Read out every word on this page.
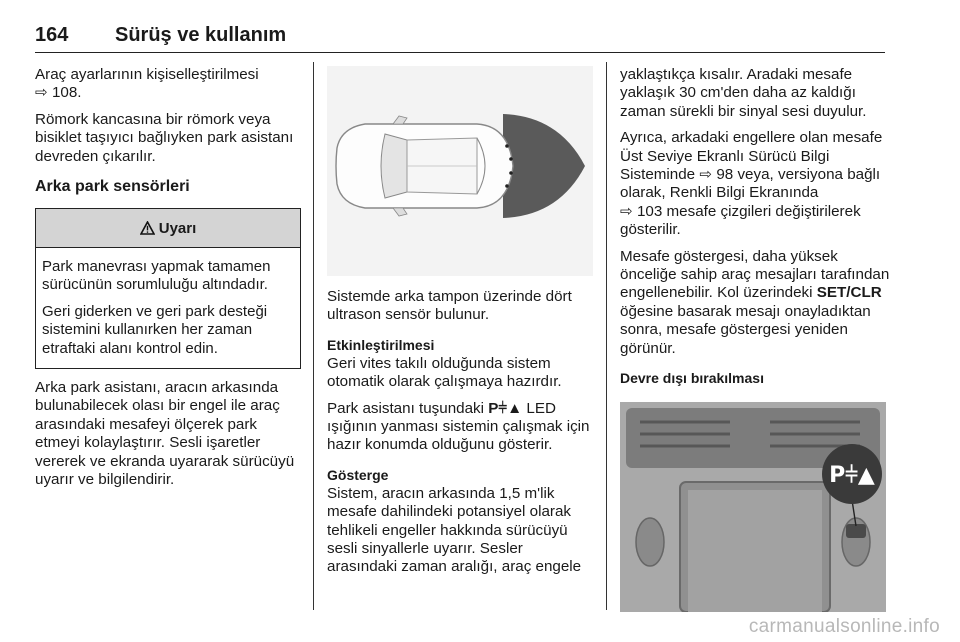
164 Sürüş ve kullanım

Araç ayarlarının kişiselleştirilmesi
⇨ 108.

Römork kancasına bir römork veya bisiklet taşıyıcı bağlıyken park asistanı devreden çıkarılır.

Arka park sensörleri
Uyarı

Park manevrası yapmak tamamen sürücünün sorumluluğu altındadır.

Geri giderken ve geri park desteği sistemini kullanırken her zaman etraftaki alanı kontrol edin.

Arka park asistanı, aracın arkasında bulunabilecek olası bir engel ile araç arasındaki mesafeyi ölçerek park etmeyi kolaylaştırır. Sesli işaretler vererek ve ekranda uyararak sürücüyü uyarır ve bilgilendirir.

Sistemde arka tampon üzerinde dört ultrason sensör bulunur.

Etkinleştirilmesi

Geri vites takılı olduğunda sistem otomatik olarak çalışmaya hazırdır.

Park asistanı tuşundaki P⫩▲ LED ışığının yanması sistemin çalışmak için hazır konumda olduğunu gösterir.

Gösterge

Sistem, aracın arkasında 1,5 m'lik mesafe dahilindeki potansiyel olarak tehlikeli engeller hakkında sürücüyü sesli sinyallerle uyarır. Sesler arasındaki zaman aralığı, araç engele

yaklaştıkça kısalır. Aradaki mesafe yaklaşık 30 cm'den daha az kaldığı zaman sürekli bir sinyal sesi duyulur.

Ayrıca, arkadaki engellere olan mesafe Üst Seviye Ekranlı Sürücü Bilgi Sisteminde ⇨ 98 veya, versiyona bağlı olarak, Renkli Bilgi Ekranında
⇨ 103 mesafe çizgileri değiştirilerek gösterilir.

Mesafe göstergesi, daha yüksek önceliğe sahip araç mesajları tarafından engellenebilir. Kol üzerindeki SET/CLR öğesine basarak mesajı onayladıktan sonra, mesafe göstergesi yeniden görünür.

Devre dışı bırakılması
P⫩▲
carmanualsonline.info
